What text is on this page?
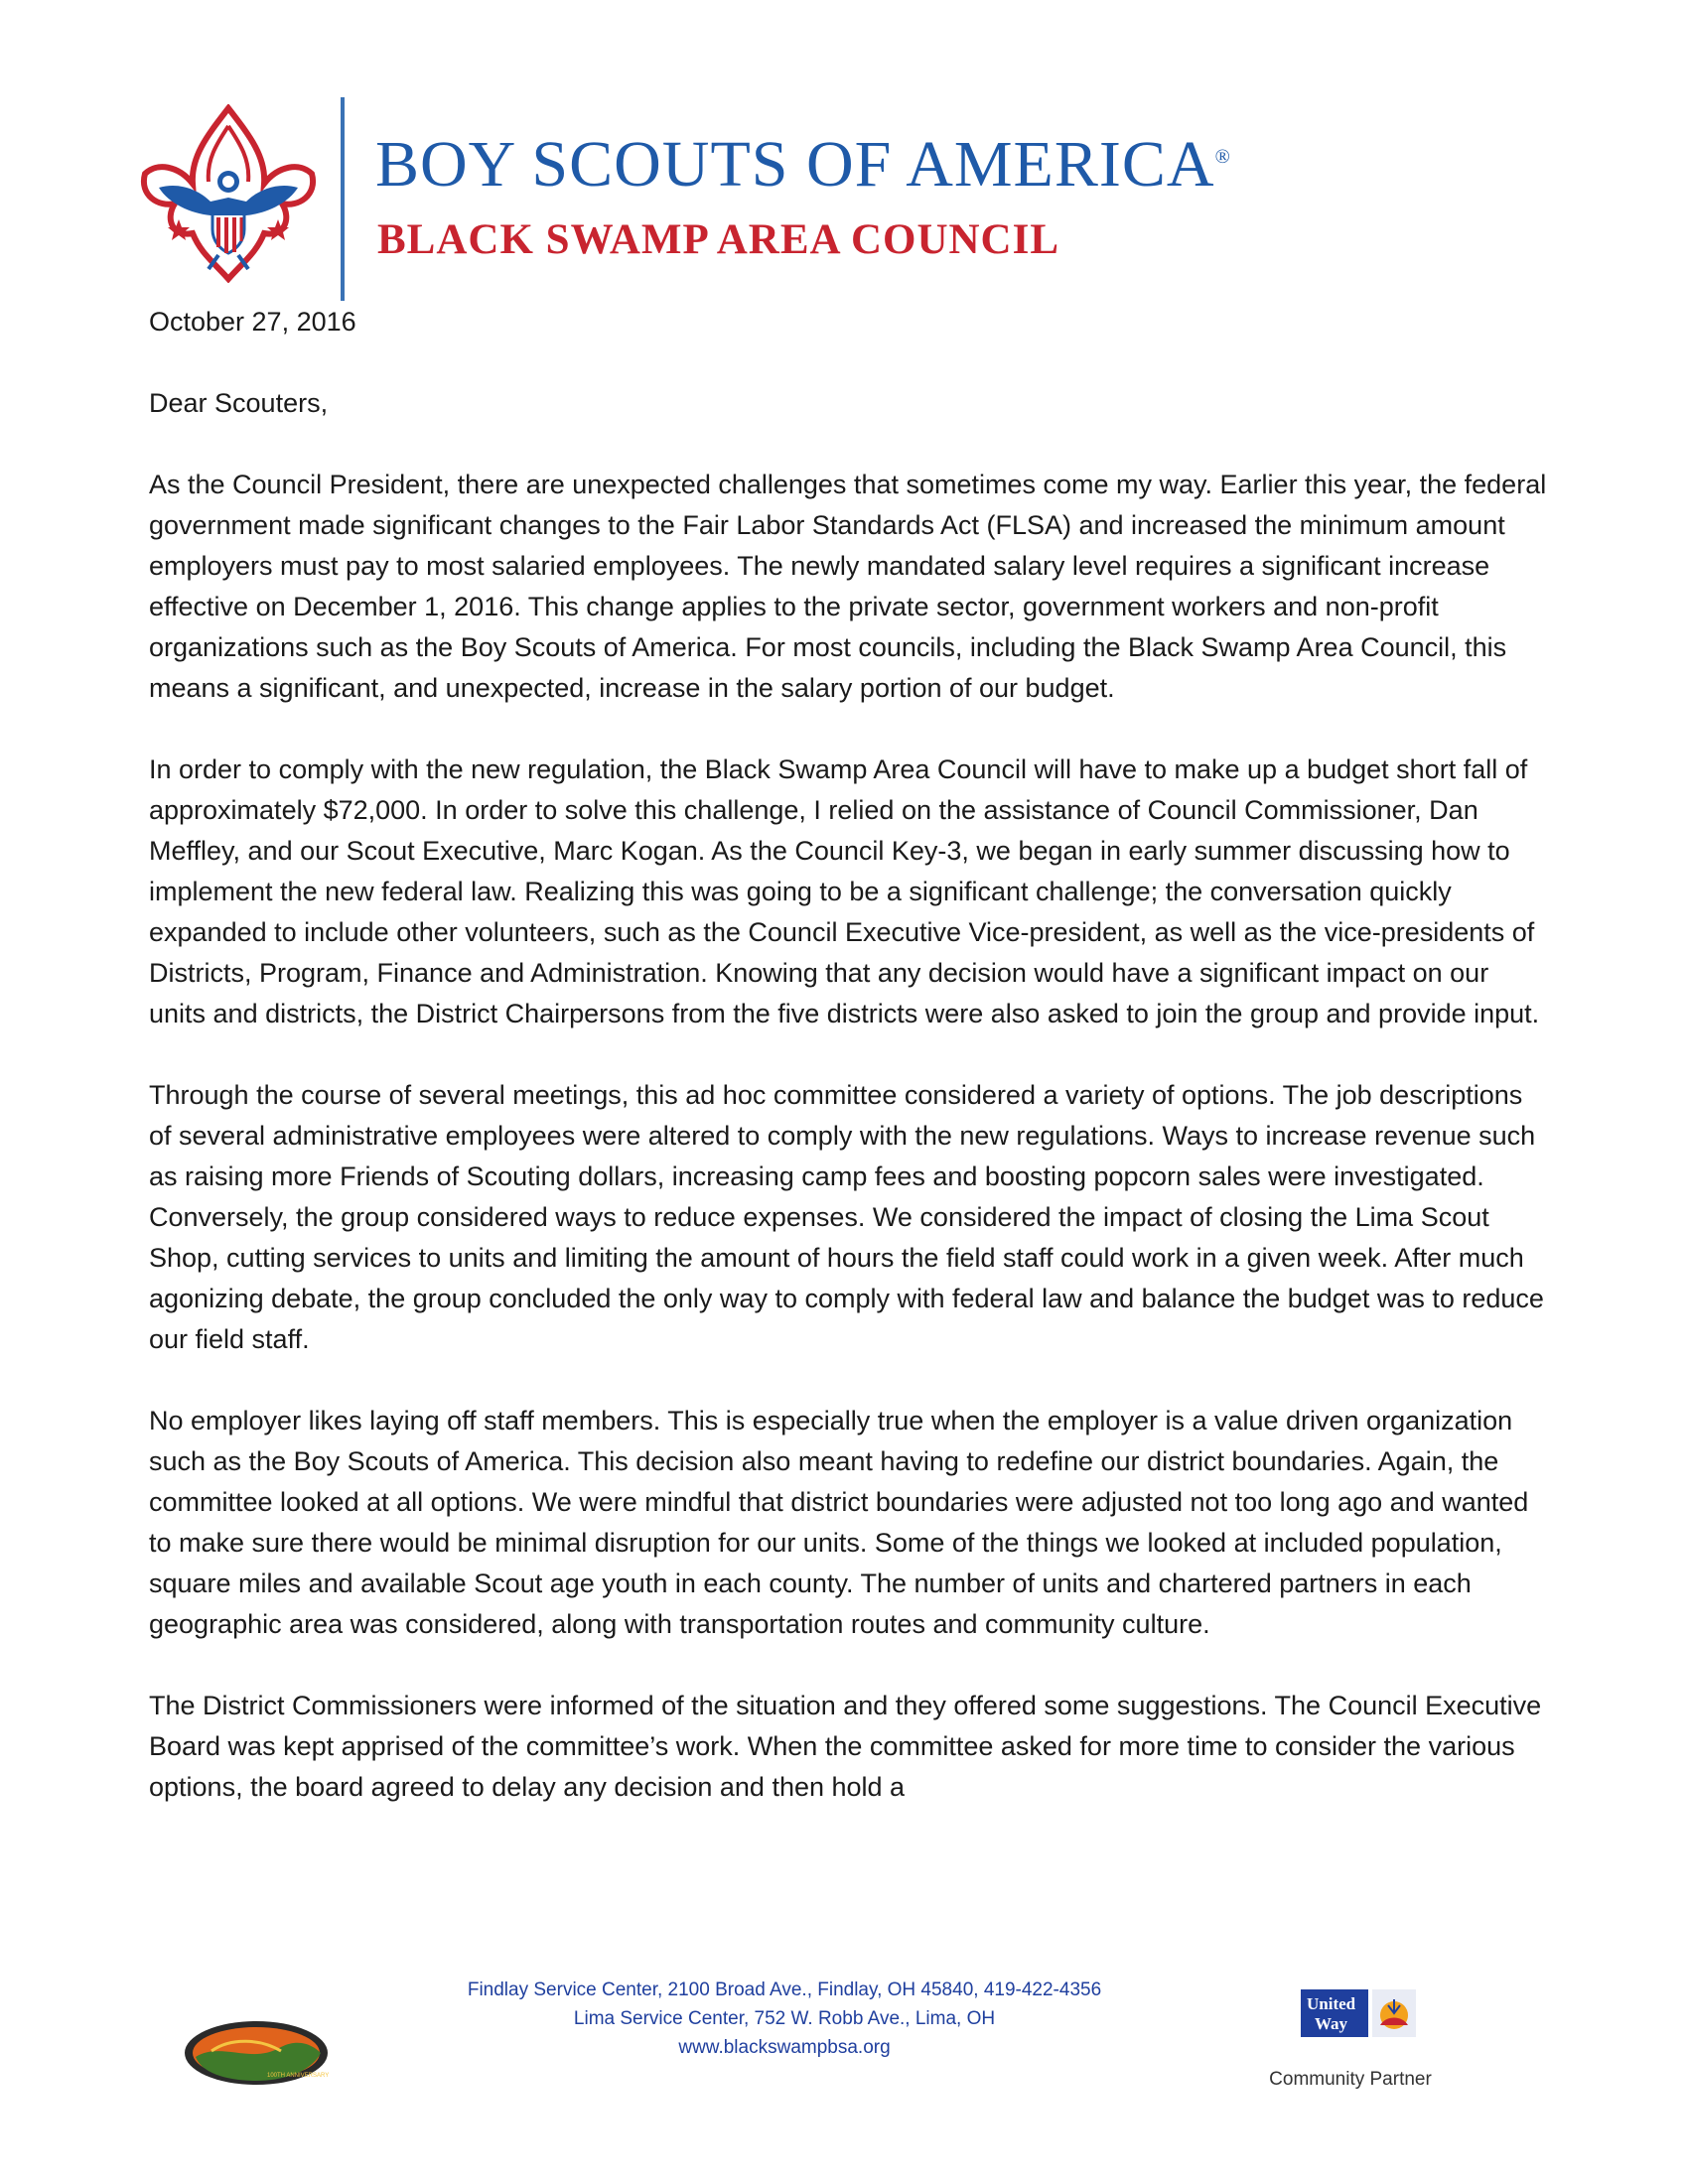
BOY SCOUTS OF AMERICA®
BLACK SWAMP AREA COUNCIL

October 27, 2016

Dear Scouters,

As the Council President, there are unexpected challenges that sometimes come my way. Earlier this year, the federal government made significant changes to the Fair Labor Standards Act (FLSA) and increased the minimum amount employers must pay to most salaried employees. The newly mandated salary level requires a significant increase effective on December 1, 2016. This change applies to the private sector, government workers and non-profit organizations such as the Boy Scouts of America. For most councils, including the Black Swamp Area Council, this means a significant, and unexpected, increase in the salary portion of our budget.

In order to comply with the new regulation, the Black Swamp Area Council will have to make up a budget short fall of approximately $72,000. In order to solve this challenge, I relied on the assistance of Council Commissioner, Dan Meffley, and our Scout Executive, Marc Kogan. As the Council Key-3, we began in early summer discussing how to implement the new federal law. Realizing this was going to be a significant challenge; the conversation quickly expanded to include other volunteers, such as the Council Executive Vice-president, as well as the vice-presidents of Districts, Program, Finance and Administration. Knowing that any decision would have a significant impact on our units and districts, the District Chairpersons from the five districts were also asked to join the group and provide input.

Through the course of several meetings, this ad hoc committee considered a variety of options. The job descriptions of several administrative employees were altered to comply with the new regulations. Ways to increase revenue such as raising more Friends of Scouting dollars, increasing camp fees and boosting popcorn sales were investigated. Conversely, the group considered ways to reduce expenses. We considered the impact of closing the Lima Scout Shop, cutting services to units and limiting the amount of hours the field staff could work in a given week. After much agonizing debate, the group concluded the only way to comply with federal law and balance the budget was to reduce our field staff.

No employer likes laying off staff members. This is especially true when the employer is a value driven organization such as the Boy Scouts of America. This decision also meant having to redefine our district boundaries. Again, the committee looked at all options. We were mindful that district boundaries were adjusted not too long ago and wanted to make sure there would be minimal disruption for our units. Some of the things we looked at included population, square miles and available Scout age youth in each county. The number of units and chartered partners in each geographic area was considered, along with transportation routes and community culture.

The District Commissioners were informed of the situation and they offered some suggestions. The Council Executive Board was kept apprised of the committee’s work. When the committee asked for more time to consider the various options, the board agreed to delay any decision and then hold a

100TH ANNIVERSARY
Findlay Service Center, 2100 Broad Ave., Findlay, OH 45840, 419-422-4356
Lima Service Center, 752 W. Robb Ave., Lima, OH
www.blackswampbsa.org
United
Way
Community Partner
